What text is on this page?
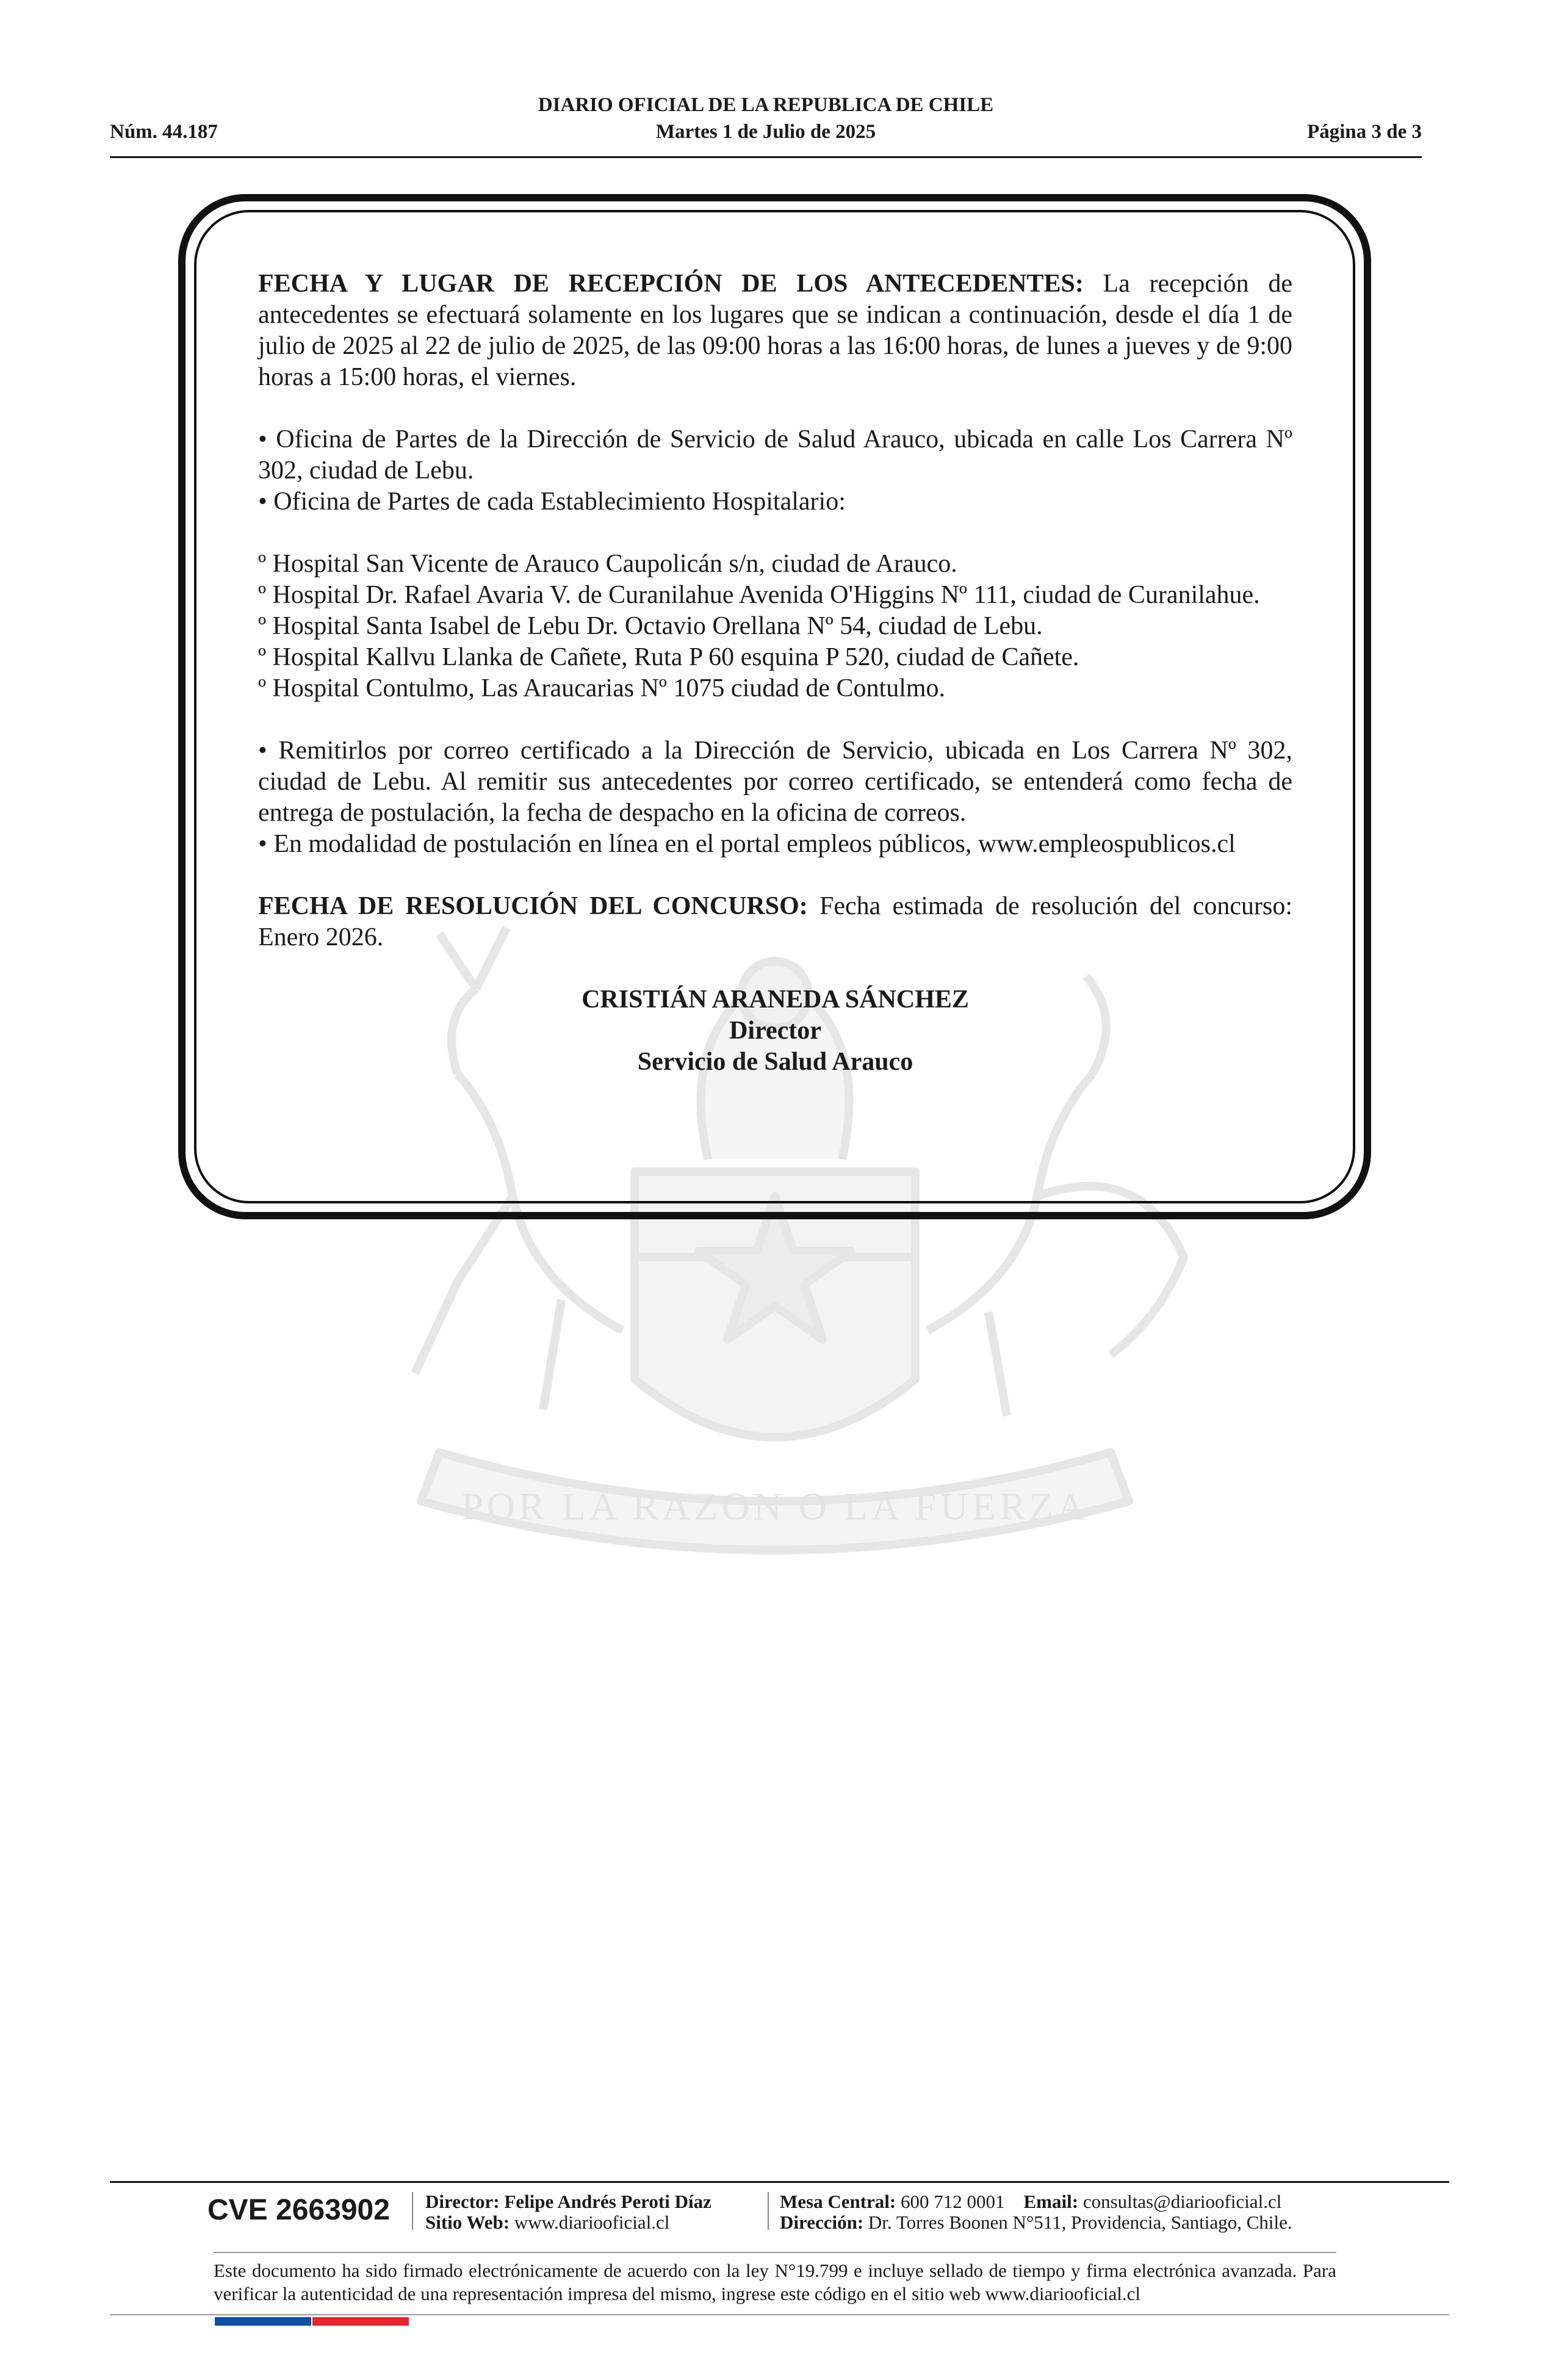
DIARIO OFICIAL DE LA REPUBLICA DE CHILE
Martes 1 de Julio de 2025
Núm. 44.187	Página 3 de 3
POR LA RAZON O LA FUERZA

FECHA Y LUGAR DE RECEPCIÓN DE LOS ANTECEDENTES: La recepción de antecedentes se efectuará solamente en los lugares que se indican a continuación, desde el día 1 de julio de 2025 al 22 de julio de 2025, de las 09:00 horas a las 16:00 horas, de lunes a jueves y de 9:00 horas a 15:00 horas, el viernes.

• Oficina de Partes de la Dirección de Servicio de Salud Arauco, ubicada en calle Los Carrera Nº 302, ciudad de Lebu.

• Oficina de Partes de cada Establecimiento Hospitalario:

º Hospital San Vicente de Arauco Caupolicán s/n, ciudad de Arauco.

º Hospital Dr. Rafael Avaria V. de Curanilahue Avenida O'Higgins Nº 111, ciudad de Curanilahue.

º Hospital Santa Isabel de Lebu Dr. Octavio Orellana Nº 54, ciudad de Lebu.

º Hospital Kallvu Llanka de Cañete, Ruta P 60 esquina P 520, ciudad de Cañete.

º Hospital Contulmo, Las Araucarias Nº 1075 ciudad de Contulmo.

• Remitirlos por correo certificado a la Dirección de Servicio, ubicada en Los Carrera Nº 302, ciudad de Lebu. Al remitir sus antecedentes por correo certificado, se entenderá como fecha de entrega de postulación, la fecha de despacho en la oficina de correos.

• En modalidad de postulación en línea en el portal empleos públicos, www.empleospublicos.cl

FECHA DE RESOLUCIÓN DEL CONCURSO: Fecha estimada de resolución del concurso: Enero 2026.

CRISTIÁN ARANEDA SÁNCHEZ
Director
Servicio de Salud Arauco
CVE 2663902 Director: Felipe Andrés Peroti Díaz
Sitio Web: www.diariooficial.cl
Mesa Central: 600 712 0001 Email: consultas@diariooficial.cl
Dirección: Dr. Torres Boonen N°511, Providencia, Santiago, Chile.
Este documento ha sido firmado electrónicamente de acuerdo con la ley N°19.799 e incluye sellado de tiempo y firma electrónica avanzada. Para verificar la autenticidad de una representación impresa del mismo, ingrese este código en el sitio web www.diariooficial.cl
